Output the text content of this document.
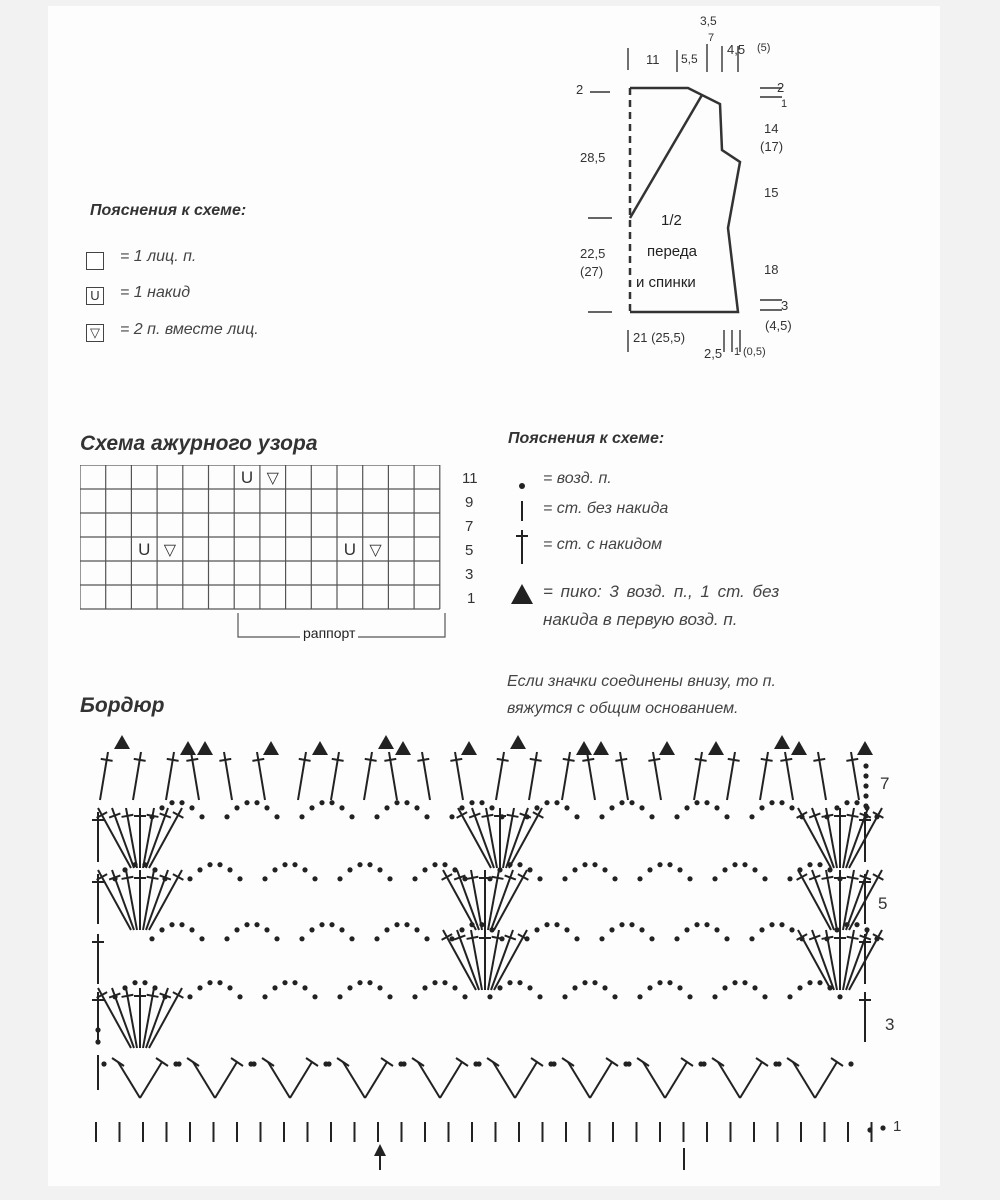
Пояснения к схеме:
= 1 лиц. п.
U = 1 накид
▽ = 2 п. вместе лиц.
1/2
переда
и спинки
11 5,5
3,5
7
4,5 (5)
2
28,5
22,5
(27)
2
1
14
(17)
15
18
3
(4,5)
21 (25,5)
2,5 1 (0,5)
Схема ажурного узора
U ▽
U ▽	U ▽
раппорт
11
9
7
5
3
1
Пояснения к схеме:
= возд. п.
= ст. без накида
= ст. с накидом
= пико: 3 возд. п., 1 ст. без
накида в первую возд. п.
Если значки соединены внизу, то п.
вяжутся с общим основанием.
Бордюр
7
5
3
1
